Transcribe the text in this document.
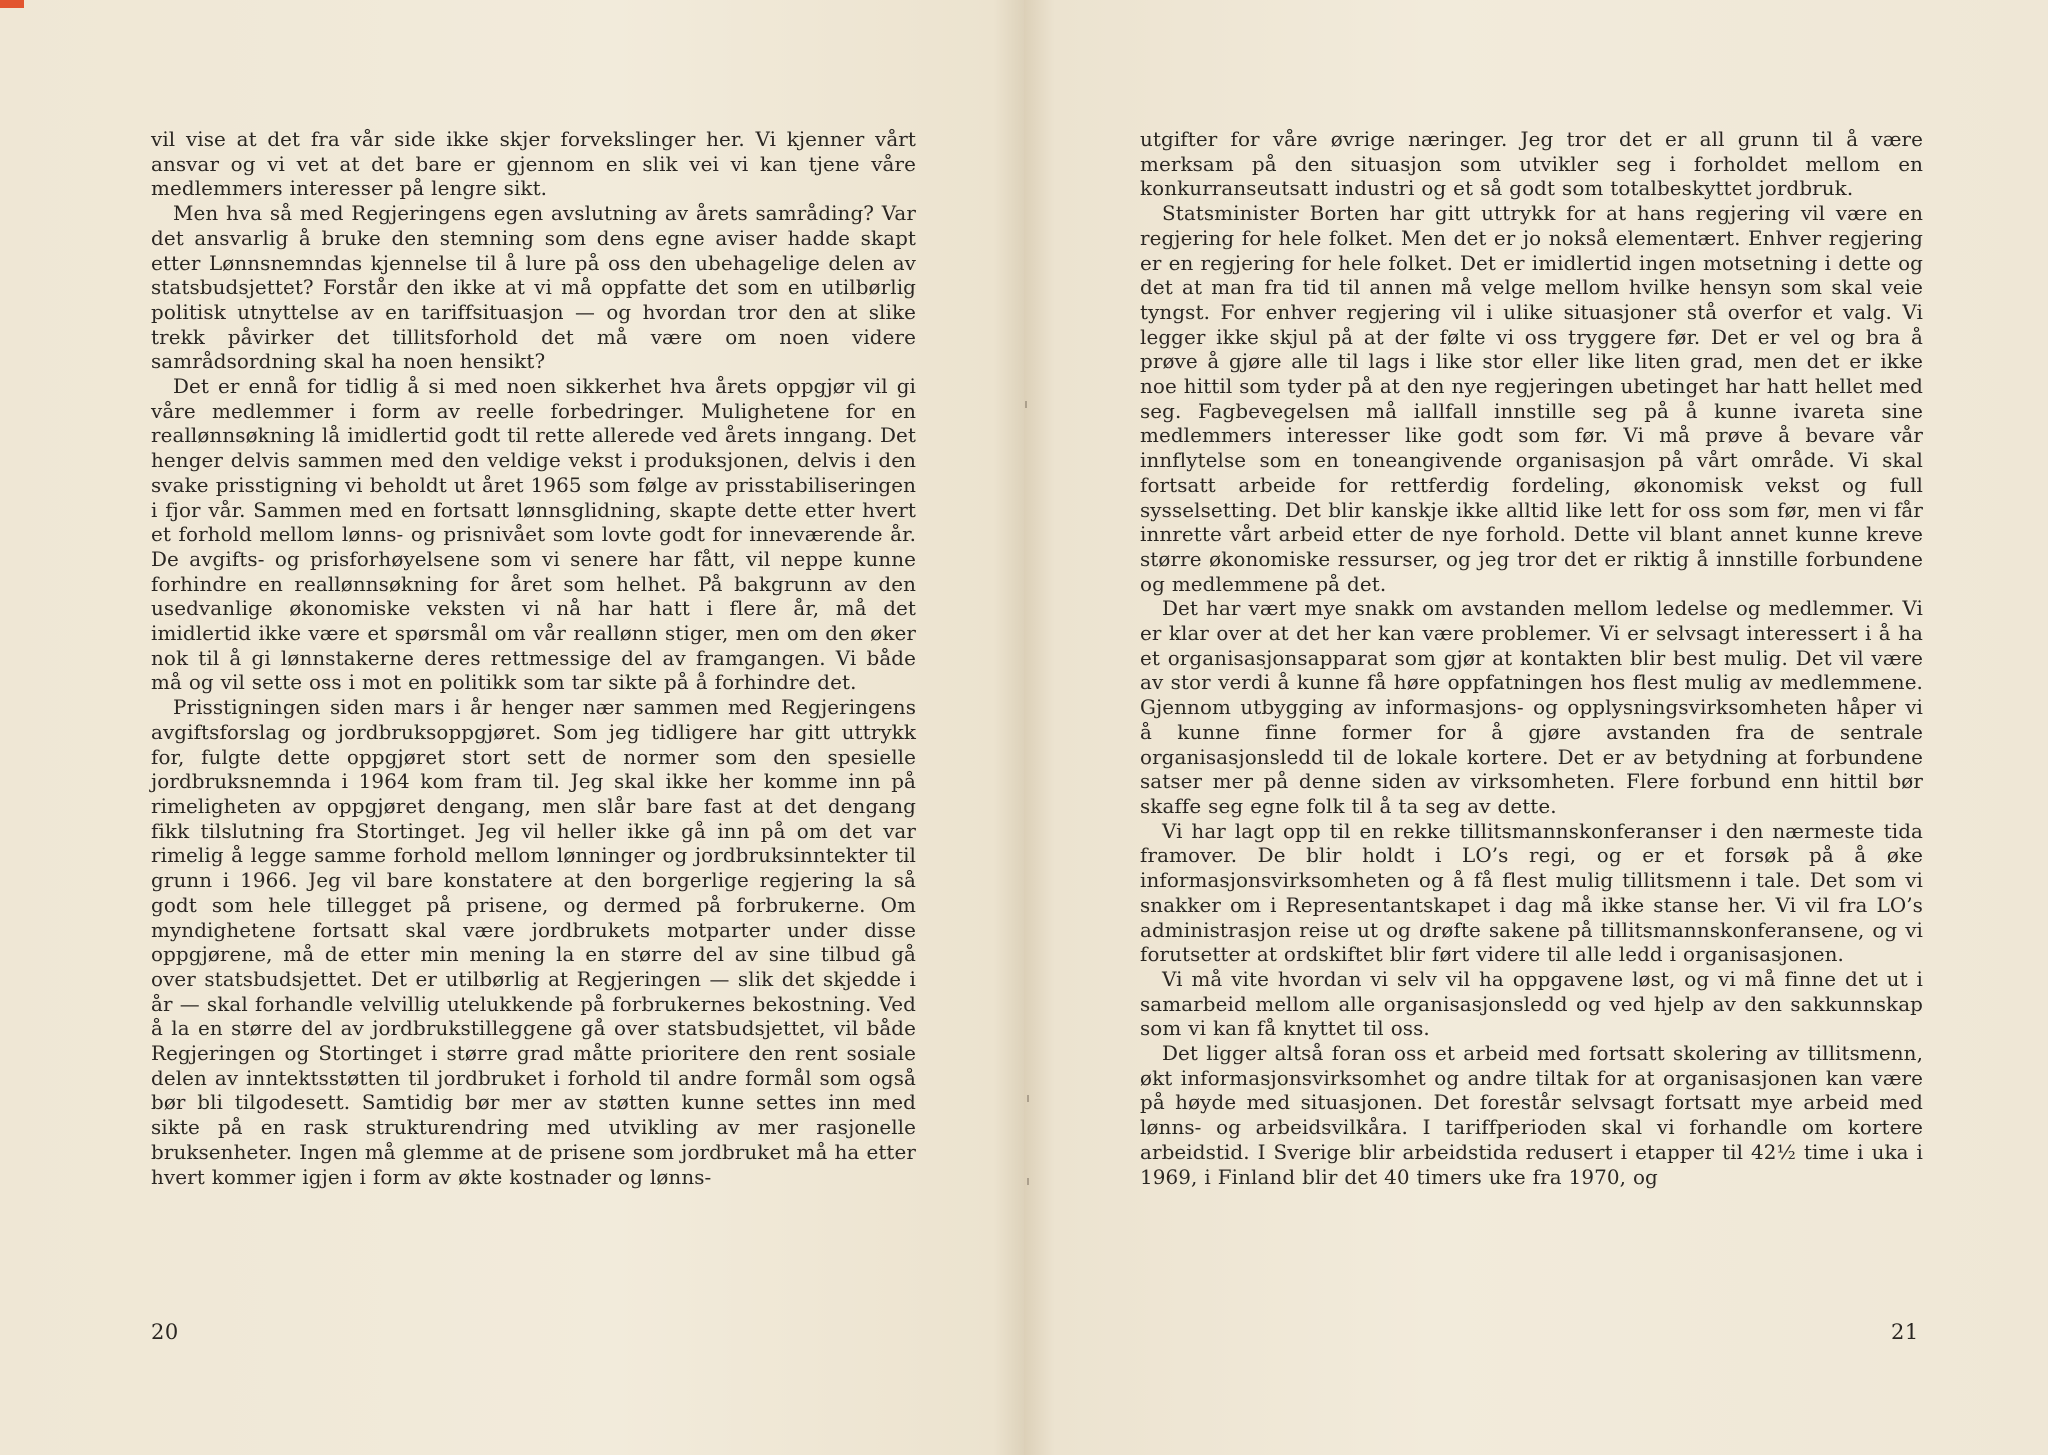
vil vise at det fra vår side ikke skjer forvekslinger her. Vi kjenner vårt ansvar og vi vet at det bare er gjennom en slik vei vi kan tjene våre medlemmers interesser på lengre sikt.

Men hva så med Regjeringens egen avslutning av årets samråding? Var det ansvarlig å bruke den stemning som dens egne aviser hadde skapt etter Lønnsnemndas kjennelse til å lure på oss den ubehagelige delen av statsbudsjettet? Forstår den ikke at vi må oppfatte det som en utilbørlig politisk utnyttelse av en tariffsituasjon — og hvordan tror den at slike trekk påvirker det tillitsforhold det må være om noen videre samrådsordning skal ha noen hensikt?

Det er ennå for tidlig å si med noen sikkerhet hva årets oppgjør vil gi våre medlemmer i form av reelle forbedringer. Mulighetene for en reallønnsøkning lå imidlertid godt til rette allerede ved årets inngang. Det henger delvis sammen med den veldige vekst i produksjonen, delvis i den svake prisstigning vi beholdt ut året 1965 som følge av prisstabiliseringen i fjor vår. Sammen med en fortsatt lønnsglidning, skapte dette etter hvert et forhold mellom lønns- og prisnivået som lovte godt for inneværende år. De avgifts- og prisforhøyelsene som vi senere har fått, vil neppe kunne forhindre en reallønnsøkning for året som helhet. På bakgrunn av den usedvanlige økonomiske veksten vi nå har hatt i flere år, må det imidlertid ikke være et spørsmål om vår reallønn stiger, men om den øker nok til å gi lønnstakerne deres rettmessige del av framgangen. Vi både må og vil sette oss i mot en politikk som tar sikte på å forhindre det.

Prisstigningen siden mars i år henger nær sammen med Regjeringens avgiftsforslag og jordbruksoppgjøret. Som jeg tidligere har gitt uttrykk for, fulgte dette oppgjøret stort sett de normer som den spesielle jordbruksnemnda i 1964 kom fram til. Jeg skal ikke her komme inn på rimeligheten av oppgjøret dengang, men slår bare fast at det dengang fikk tilslutning fra Stortinget. Jeg vil heller ikke gå inn på om det var rimelig å legge samme forhold mellom lønninger og jordbruksinntekter til grunn i 1966. Jeg vil bare konstatere at den borgerlige regjering la så godt som hele tillegget på prisene, og dermed på forbrukerne. Om myndighetene fortsatt skal være jordbrukets motparter under disse oppgjørene, må de etter min mening la en større del av sine tilbud gå over statsbudsjettet. Det er utilbørlig at Regjeringen — slik det skjedde i år — skal forhandle velvillig utelukkende på forbrukernes bekostning. Ved å la en større del av jordbrukstilleggene gå over statsbudsjettet, vil både Regjeringen og Stortinget i større grad måtte prioritere den rent sosiale delen av inntektsstøtten til jordbruket i forhold til andre formål som også bør bli tilgodesett. Samtidig bør mer av støtten kunne settes inn med sikte på en rask strukturendring med utvikling av mer rasjonelle bruksenheter. Ingen må glemme at de prisene som jordbruket må ha etter hvert kommer igjen i form av økte kostnader og lønns-

20

utgifter for våre øvrige næringer. Jeg tror det er all grunn til å være merksam på den situasjon som utvikler seg i forholdet mellom en konkurranseutsatt industri og et så godt som totalbeskyttet jordbruk.

Statsminister Borten har gitt uttrykk for at hans regjering vil være en regjering for hele folket. Men det er jo nokså elementært. Enhver regjering er en regjering for hele folket. Det er imidlertid ingen motsetning i dette og det at man fra tid til annen må velge mellom hvilke hensyn som skal veie tyngst. For enhver regjering vil i ulike situasjoner stå overfor et valg. Vi legger ikke skjul på at der følte vi oss tryggere før. Det er vel og bra å prøve å gjøre alle til lags i like stor eller like liten grad, men det er ikke noe hittil som tyder på at den nye regjeringen ubetinget har hatt hellet med seg. Fagbevegelsen må iallfall innstille seg på å kunne ivareta sine medlemmers interesser like godt som før. Vi må prøve å bevare vår innflytelse som en toneangivende organisasjon på vårt område. Vi skal fortsatt arbeide for rettferdig fordeling, økonomisk vekst og full sysselsetting. Det blir kanskje ikke alltid like lett for oss som før, men vi får innrette vårt arbeid etter de nye forhold. Dette vil blant annet kunne kreve større økonomiske ressurser, og jeg tror det er riktig å innstille forbundene og medlemmene på det.

Det har vært mye snakk om avstanden mellom ledelse og medlemmer. Vi er klar over at det her kan være problemer. Vi er selvsagt interessert i å ha et organisasjonsapparat som gjør at kontakten blir best mulig. Det vil være av stor verdi å kunne få høre oppfatningen hos flest mulig av medlemmene. Gjennom utbygging av informasjons- og opplysningsvirksomheten håper vi å kunne finne former for å gjøre avstanden fra de sentrale organisasjonsledd til de lokale kortere. Det er av betydning at forbundene satser mer på denne siden av virksomheten. Flere forbund enn hittil bør skaffe seg egne folk til å ta seg av dette.

Vi har lagt opp til en rekke tillitsmannskonferanser i den nærmeste tida framover. De blir holdt i LO’s regi, og er et forsøk på å øke informasjonsvirksomheten og å få flest mulig tillitsmenn i tale. Det som vi snakker om i Representantskapet i dag må ikke stanse her. Vi vil fra LO’s administrasjon reise ut og drøfte sakene på tillitsmannskonferansene, og vi forutsetter at ordskiftet blir ført videre til alle ledd i organisasjonen.

Vi må vite hvordan vi selv vil ha oppgavene løst, og vi må finne det ut i samarbeid mellom alle organisasjonsledd og ved hjelp av den sakkunnskap som vi kan få knyttet til oss.

Det ligger altså foran oss et arbeid med fortsatt skolering av tillitsmenn, økt informasjonsvirksomhet og andre tiltak for at organisasjonen kan være på høyde med situasjonen. Det forestår selvsagt fortsatt mye arbeid med lønns- og arbeidsvilkåra. I tariffperioden skal vi forhandle om kortere arbeidstid. I Sverige blir arbeidstida redusert i etapper til 42½ time i uka i 1969, i Finland blir det 40 timers uke fra 1970, og

21
